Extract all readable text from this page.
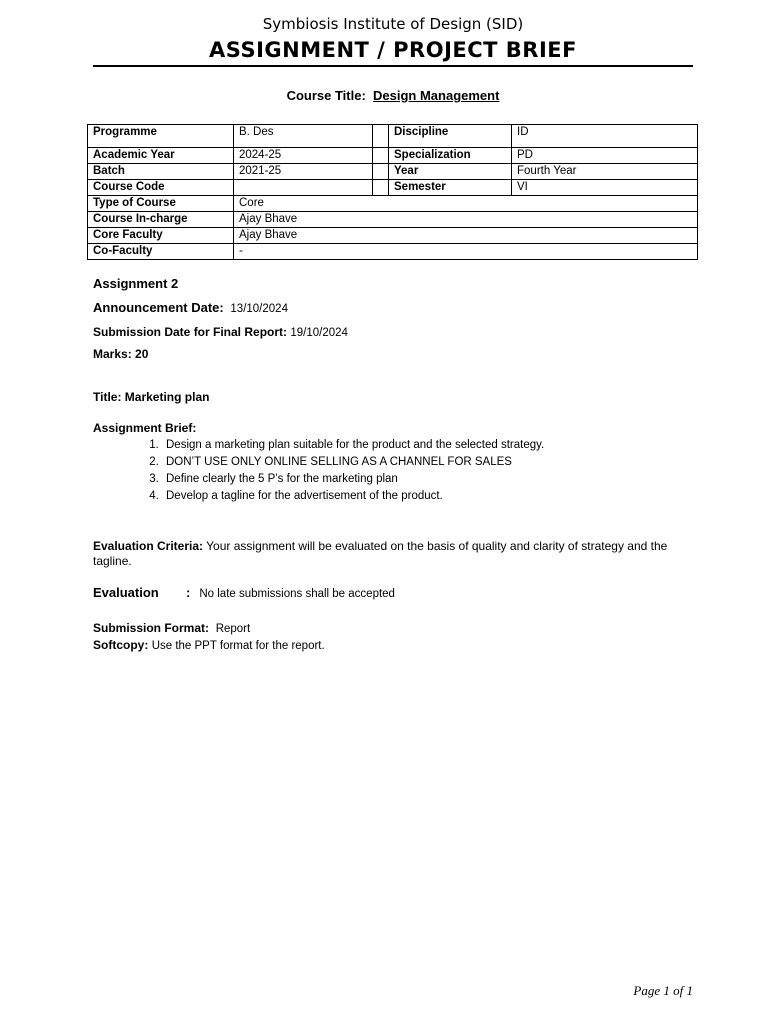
Symbiosis Institute of Design (SID)
ASSIGNMENT / PROJECT BRIEF
Course Title: Design Management
Programme	B. Des		Discipline	ID
Academic Year	2024-25		Specialization	PD
Batch	2021-25		Year	Fourth Year
Course Code			Semester	VI
Type of Course	Core			
Course In-charge	Ajay Bhave			
Core Faculty	Ajay Bhave			
Co-Faculty	-			
Assignment 2
Announcement Date: 13/10/2024
Submission Date for Final Report: 19/10/2024
Marks: 20
Title: Marketing plan
Assignment Brief:
1. Design a marketing plan suitable for the product and the selected strategy.
2. DON’T USE ONLY ONLINE SELLING AS A CHANNEL FOR SALES
3. Define clearly the 5 P’s for the marketing plan
4. Develop a tagline for the advertisement of the product.
Evaluation Criteria: Your assignment will be evaluated on the basis of quality and clarity of strategy and the tagline.
Evaluation : No late submissions shall be accepted
Submission Format: Report
Softcopy: Use the PPT format for the report.
Page 1 of 1
